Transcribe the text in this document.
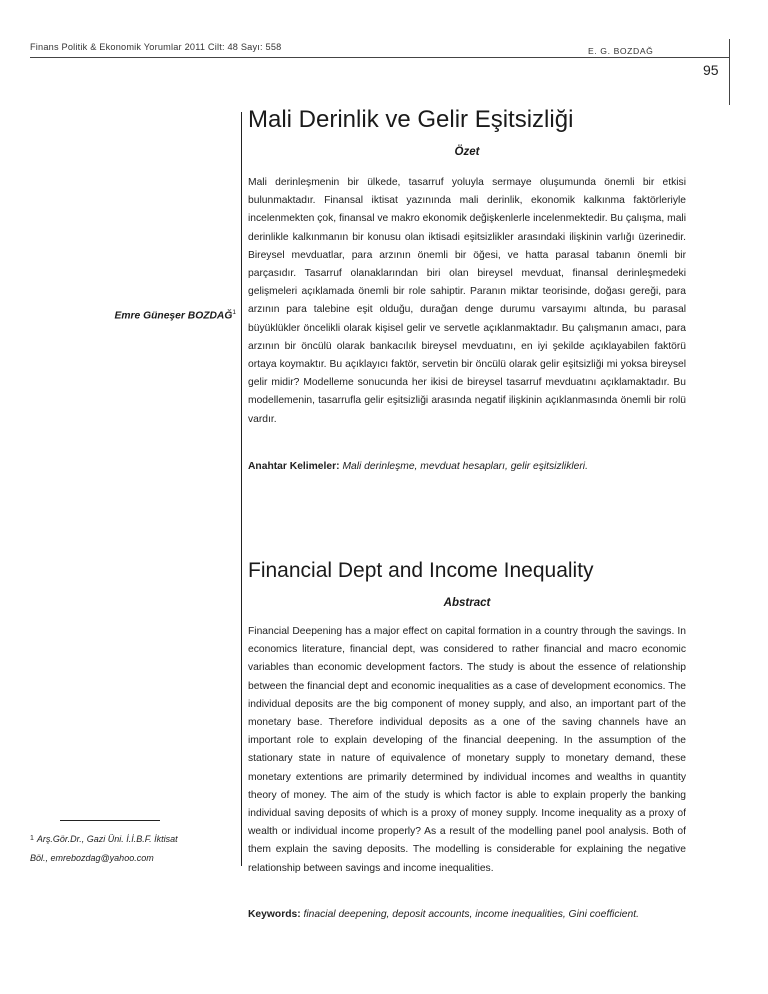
Finans Politik & Ekonomik Yorumlar 2011 Cilt: 48 Sayı: 558	E. G. BOZDAĞ
95
Mali Derinlik ve Gelir Eşitsizliği
Özet

Mali derinleşmenin bir ülkede, tasarruf yoluyla sermaye oluşumunda önemli bir etkisi bulunmaktadır. Finansal iktisat yazınında mali derinlik, ekonomik kalkınma faktörleriyle incelenmekten çok, finansal ve makro ekonomik değişkenlerle incelenmektedir. Bu çalışma, mali derinlikle kalkınmanın bir konusu olan iktisadi eşitsizlikler arasındaki ilişkinin varlığı üzerinedir. Bireysel mevduatlar, para arzının önemli bir öğesi, ve hatta parasal tabanın önemli bir parçasıdır. Tasarruf olanaklarından biri olan bireysel mevduat, finansal derinleşmedeki gelişmeleri açıklamada önemli bir role sahiptir. Paranın miktar teorisinde, doğası gereği, para arzının para talebine eşit olduğu, durağan denge durumu varsayımı altında, bu parasal büyüklükler öncelikli olarak kişisel gelir ve servetle açıklanmaktadır. Bu çalışmanın amacı, para arzının bir öncülü olarak bankacılık bireysel mevduatını, en iyi şekilde açıklayabilen faktörü ortaya koymaktır. Bu açıklayıcı faktör, servetin bir öncülü olarak gelir eşitsizliği mi yoksa bireysel gelir midir? Modelleme sonucunda her ikisi de bireysel tasarruf mevduatını açıklamaktadır. Bu modellemenin, tasarrufla gelir eşitsizliği arasında negatif ilişkinin açıklanmasında önemli bir rolü vardır.

Anahtar Kelimeler: Mali derinleşme, mevduat hesapları, gelir eşitsizlikleri.

Emre Güneşer BOZDAĞ$^1$
Financial Dept and Income Inequality
Abstract

Financial Deepening has a major effect on capital formation in a country through the savings. In economics literature, financial dept, was considered to rather financial and macro economic variables than economic development factors. The study is about the essence of relationship between the financial dept and economic inequalities as a case of development economics. The individual deposits are the big component of money supply, and also, an important part of the monetary base. Therefore individual deposits as a one of the saving channels have an important role to explain developing of the financial deepening. In the assumption of the stationary state in nature of equivalence of monetary supply to monetary demand, these monetary extentions are primarily determined by individual incomes and wealths in quantity theory of money. The aim of the study is which factor is able to explain properly the banking individual saving deposits of which is a proxy of money supply. Income inequality as a proxy of wealth or individual income properly? As a result of the modelling panel pool analysis. Both of them explain the saving deposits. The modelling is considerable for explaining the negative relationship between savings and income inequalities.

Keywords: finacial deepening, deposit accounts, income inequalities, Gini coefficient.

$^1$ Arş.Gör.Dr., Gazi Üni. İ.İ.B.F. İktisat
Böl., emrebozdag@yahoo.com
